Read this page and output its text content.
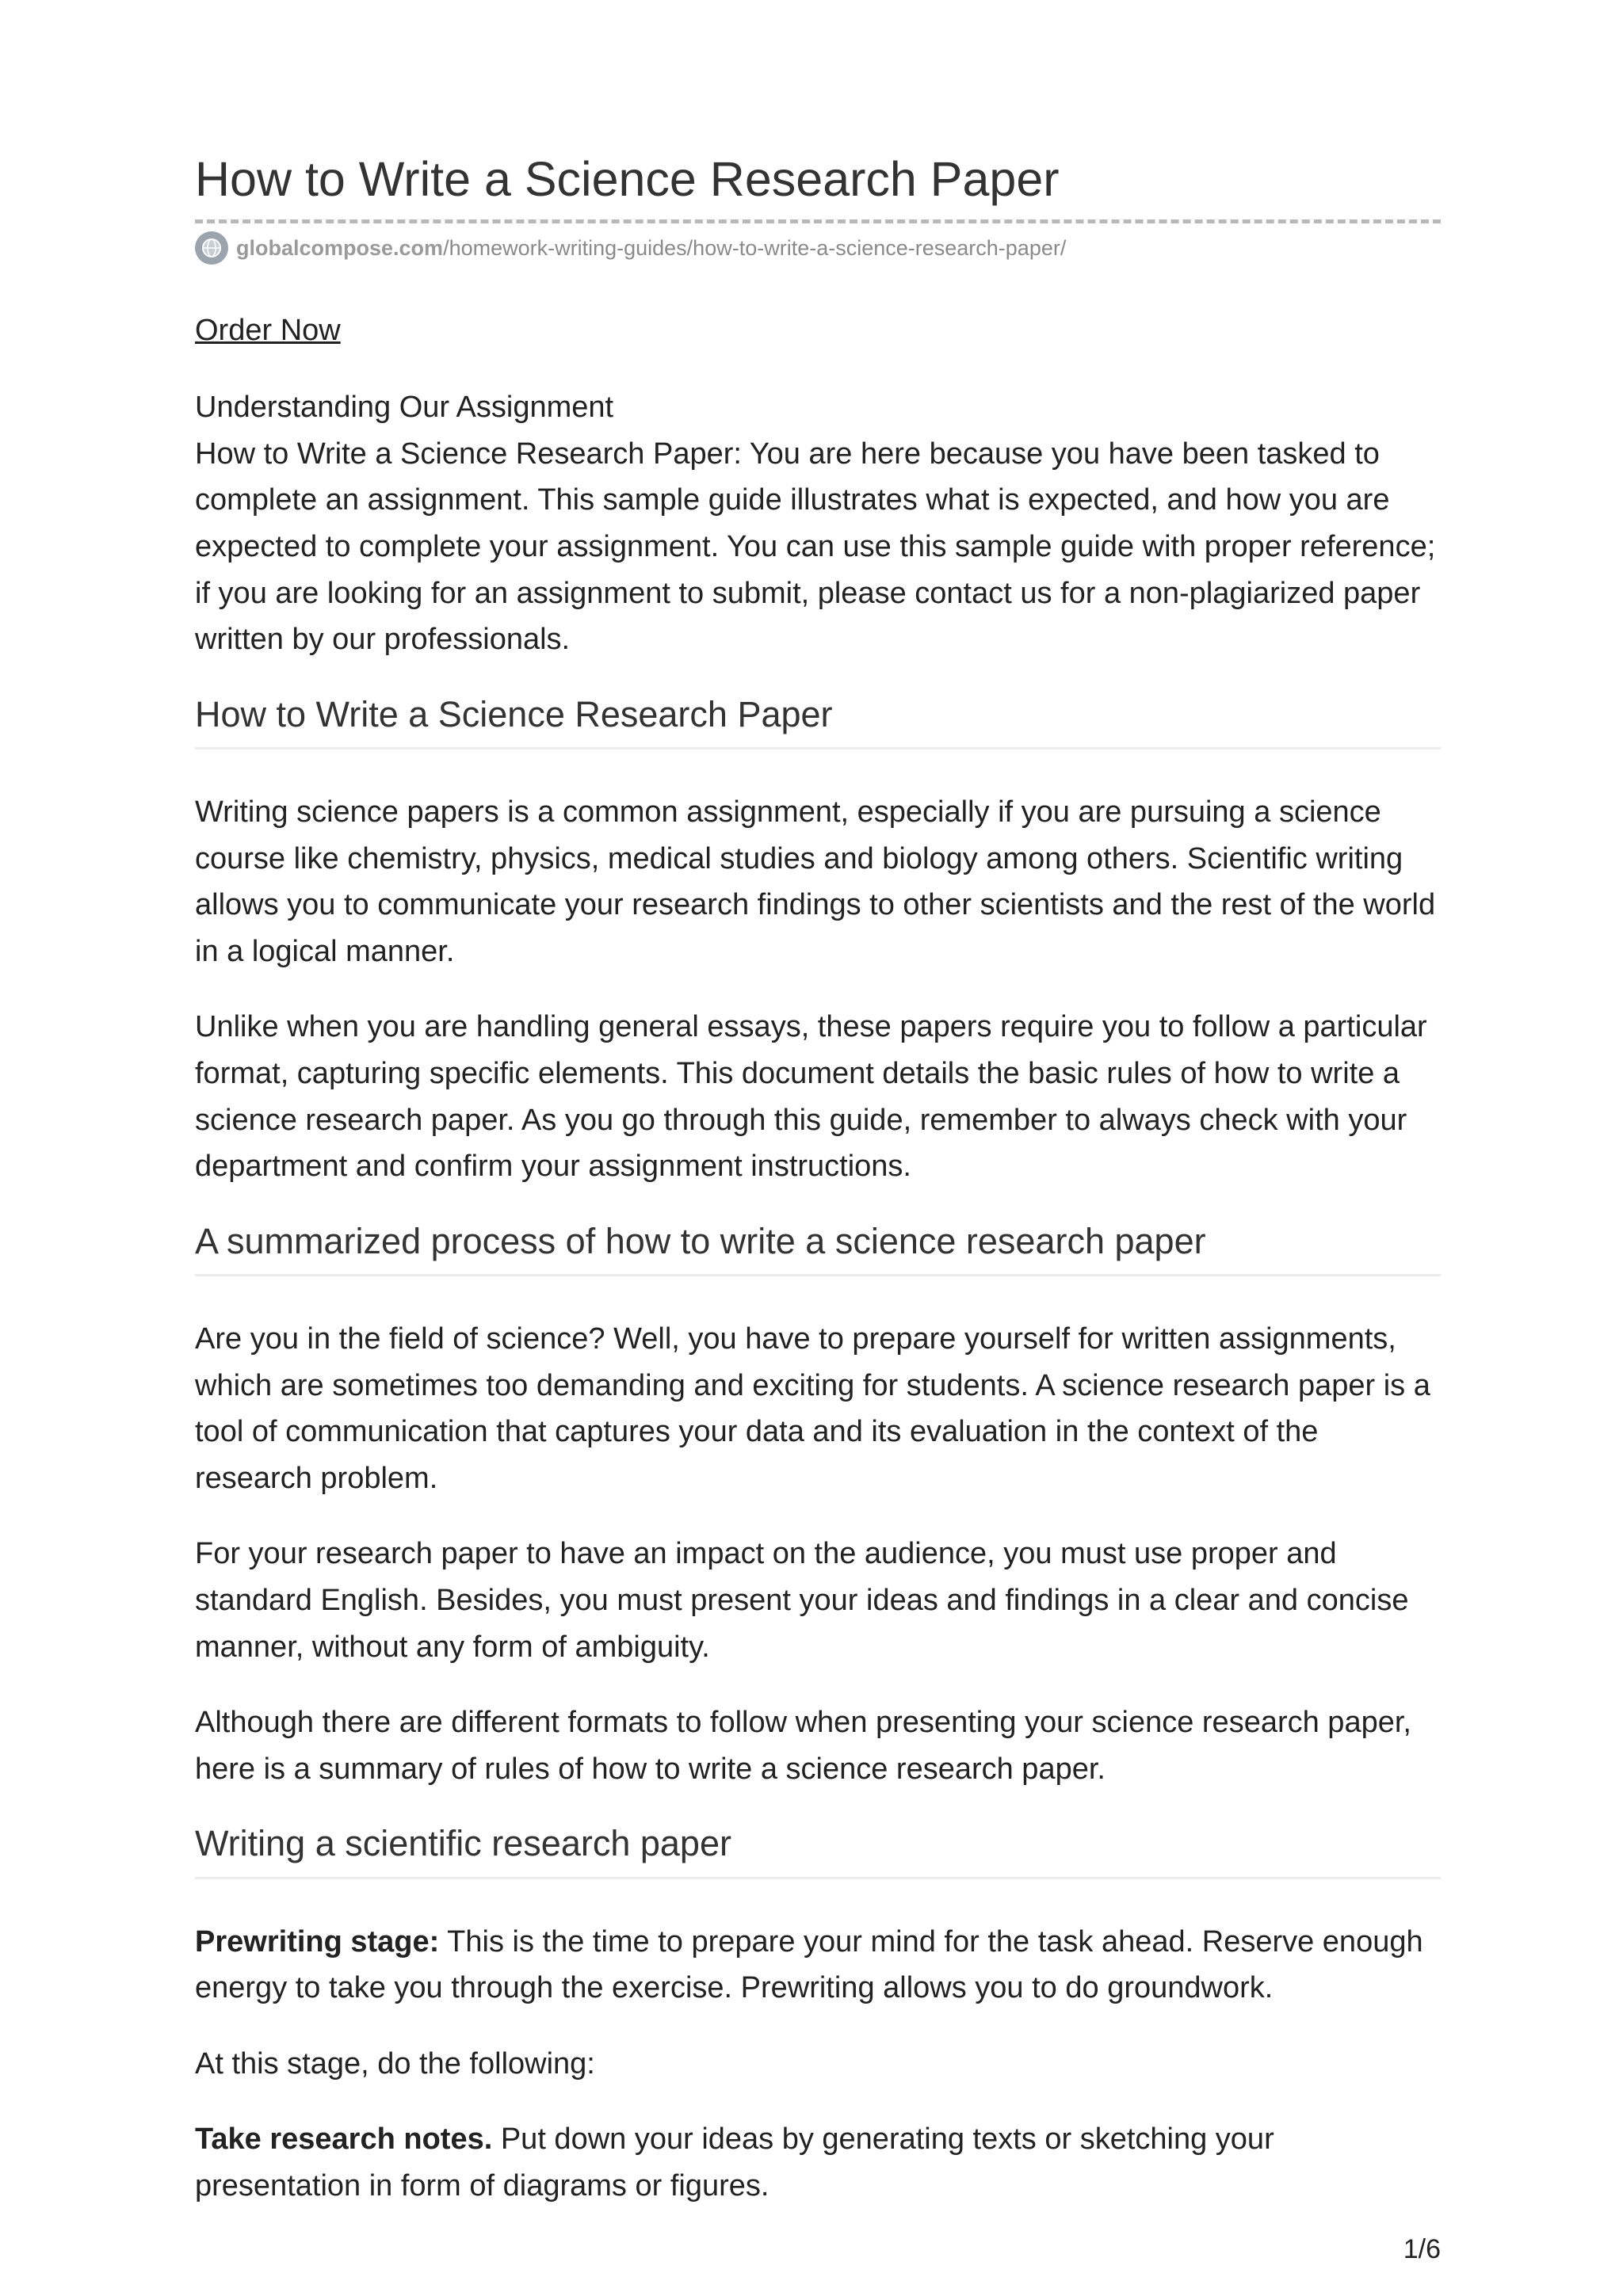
How to Write a Science Research Paper
globalcompose.com /homework-writing-guides/how-to-write-a-science-research-paper/
Order Now

Understanding Our Assignment
How to Write a Science Research Paper: You are here because you have been tasked to complete an assignment. This sample guide illustrates what is expected, and how you are expected to complete your assignment. You can use this sample guide with proper reference; if you are looking for an assignment to submit, please contact us for a non-plagiarized paper written by our professionals.

How to Write a Science Research Paper

Writing science papers is a common assignment, especially if you are pursuing a science course like chemistry, physics, medical studies and biology among others. Scientific writing allows you to communicate your research findings to other scientists and the rest of the world in a logical manner.

Unlike when you are handling general essays, these papers require you to follow a particular format, capturing specific elements. This document details the basic rules of how to write a science research paper. As you go through this guide, remember to always check with your department and confirm your assignment instructions.

A summarized process of how to write a science research paper

Are you in the field of science? Well, you have to prepare yourself for written assignments, which are sometimes too demanding and exciting for students. A science research paper is a tool of communication that captures your data and its evaluation in the context of the research problem.

For your research paper to have an impact on the audience, you must use proper and standard English. Besides, you must present your ideas and findings in a clear and concise manner, without any form of ambiguity.

Although there are different formats to follow when presenting your science research paper, here is a summary of rules of how to write a science research paper.

Writing a scientific research paper

Prewriting stage: This is the time to prepare your mind for the task ahead. Reserve enough energy to take you through the exercise. Prewriting allows you to do groundwork.

At this stage, do the following:

Take research notes. Put down your ideas by generating texts or sketching your presentation in form of diagrams or figures.

1/6
